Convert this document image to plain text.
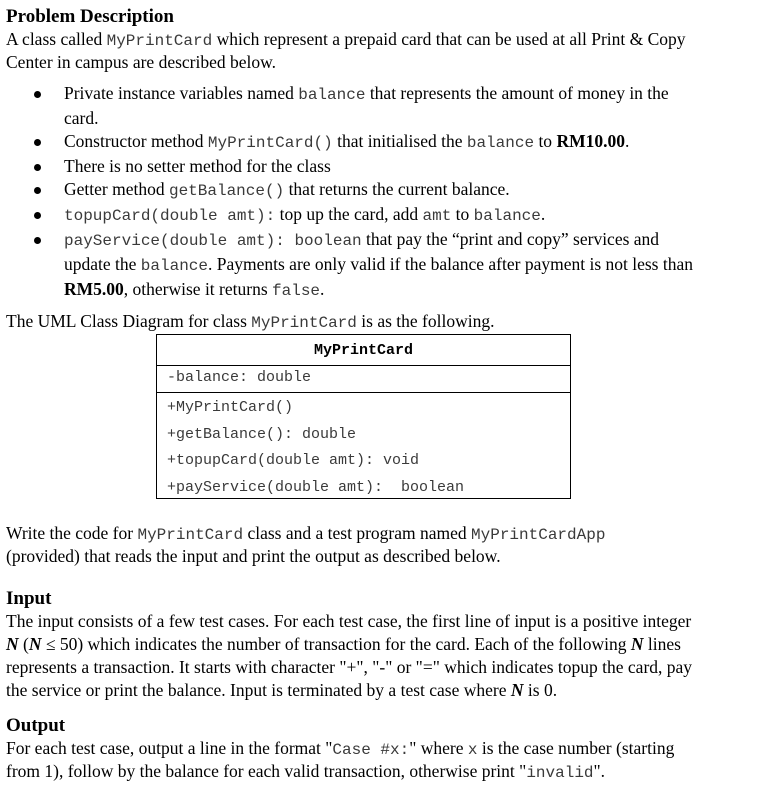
Problem Description

A class called MyPrintCard which represent a prepaid card that can be used at all Print & Copy

Center in campus are described below.

Private instance variables named balance that represents the amount of money in the
card.
Constructor method MyPrintCard() that initialised the balance to RM10.00.
There is no setter method for the class
Getter method getBalance() that returns the current balance.
topupCard(double amt): top up the card, add amt to balance.
payService(double amt): boolean that pay the “print and copy” services and
update the balance. Payments are only valid if the balance after payment is not less than
RM5.00, otherwise it returns false.

The UML Class Diagram for class MyPrintCard is as the following.

MyPrintCard
-balance: double
+MyPrintCard()
+getBalance(): double
+topupCard(double amt): void
+payService(double amt):  boolean

Write the code for MyPrintCard class and a test program named MyPrintCardApp

(provided) that reads the input and print the output as described below.

Input

The input consists of a few test cases. For each test case, the first line of input is a positive integer

N (N ≤ 50) which indicates the number of transaction for the card. Each of the following N lines

represents a transaction. It starts with character "+", "-" or "=" which indicates topup the card, pay

the service or print the balance. Input is terminated by a test case where N is 0.

Output

For each test case, output a line in the format "Case #x:" where x is the case number (starting

from 1), follow by the balance for each valid transaction, otherwise print "invalid".
